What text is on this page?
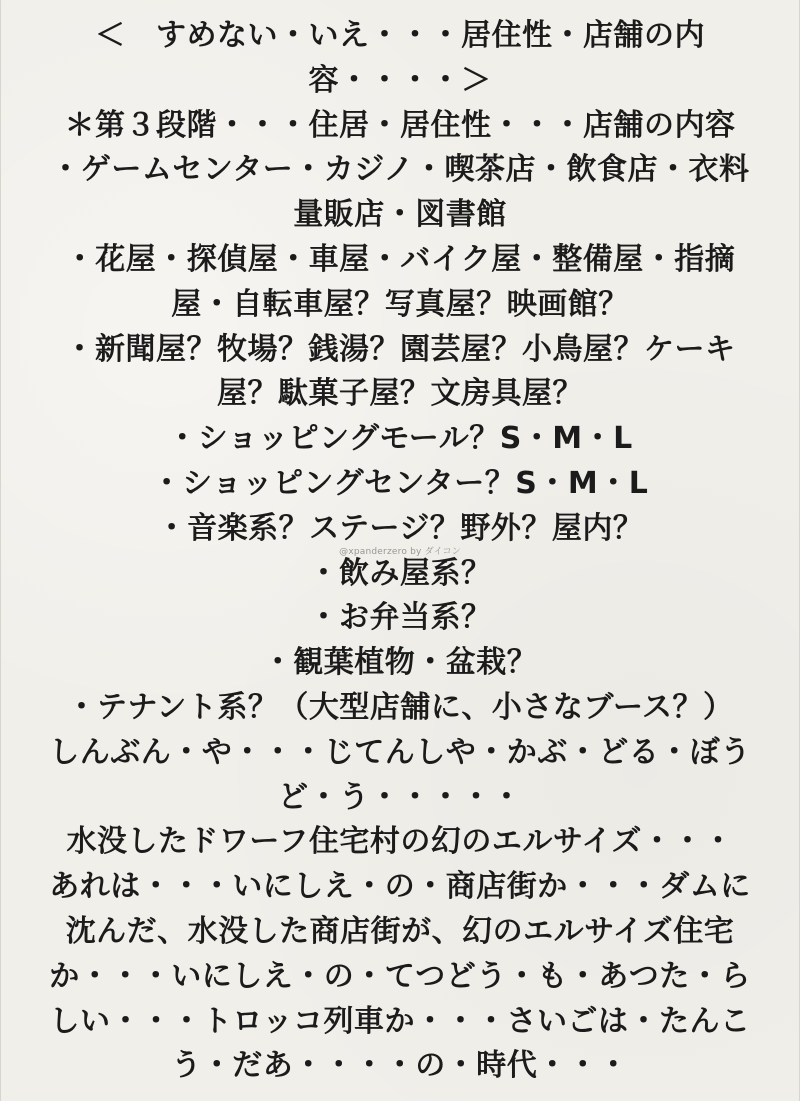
＜　すめない・いえ・・・居住性・店舗の内
容・・・・＞
＊第３段階・・・住居・居住性・・・店舗の内容
・ゲームセンター・カジノ・喫茶店・飲食店・衣料
量販店・図書館
・花屋・探偵屋・車屋・バイク屋・整備屋・指摘
屋・自転車屋？写真屋？映画館？
・新聞屋？牧場？銭湯？園芸屋？小鳥屋？ケーキ
屋？駄菓子屋？文房具屋？
・ショッピングモール？S・M・L
・ショッピングセンター？S・M・L
・音楽系？ステージ？野外？屋内？
・飲み屋系？
・お弁当系？
・観葉植物・盆栽？
・テナント系？（大型店舗に、小さなブース？）
しんぶん・や・・・じてんしや・かぶ・どる・ぼう
ど・う・・・・・
水没したドワーフ住宅村の幻のエルサイズ・・・
あれは・・・いにしえ・の・商店街か・・・ダムに
沈んだ、水没した商店街が、幻のエルサイズ住宅
か・・・いにしえ・の・てつどう・も・あつた・ら
しい・・・トロッコ列車か・・・さいごは・たんこ
う・だあ・・・・の・時代・・・
@xpanderzero by ダイコン
